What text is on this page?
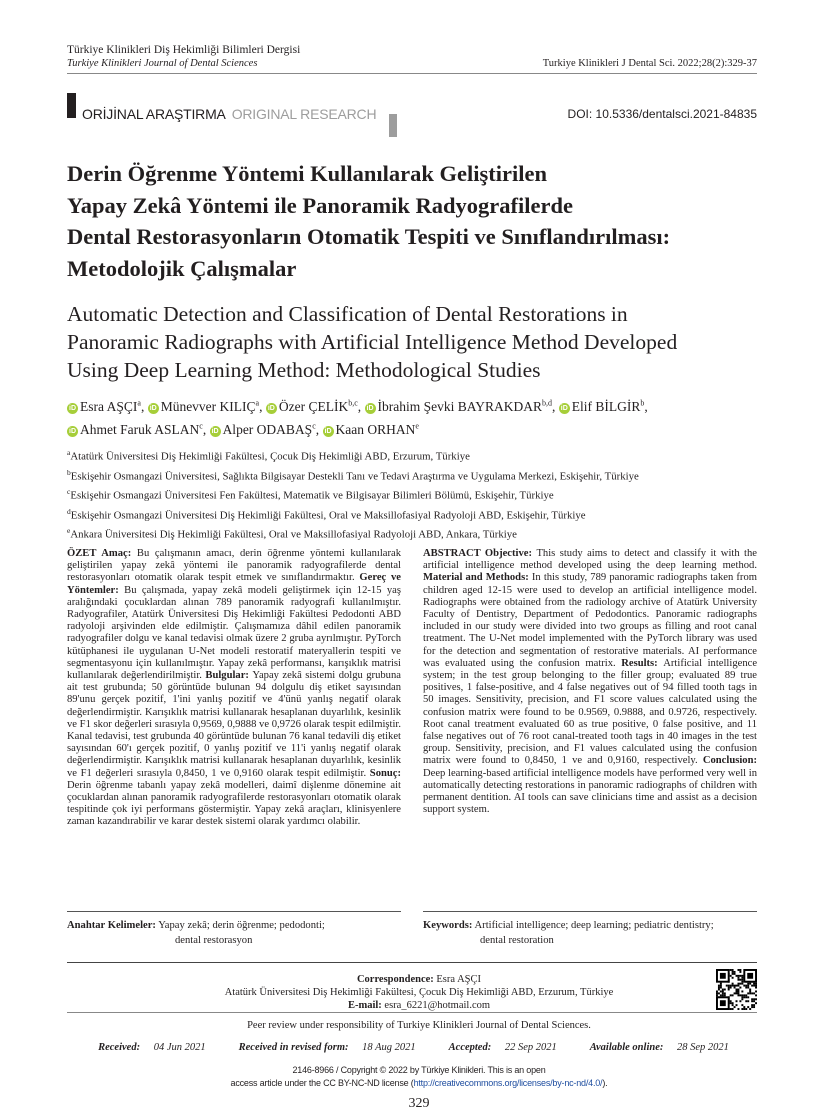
Türkiye Klinikleri Diş Hekimliği Bilimleri Dergisi
Turkiye Klinikleri Journal of Dental Sciences	Turkiye Klinikleri J Dental Sci. 2022;28(2):329-37
ORİJİNAL ARAŞTIRMA ORIGINAL RESEARCH	DOI: 10.5336/dentalsci.2021-84835
Derin Öğrenme Yöntemi Kullanılarak Geliştirilen
Yapay Zekâ Yöntemi ile Panoramik Radyografilerde
Dental Restorasyonların Otomatik Tespiti ve Sınıflandırılması:
Metodolojik Çalışmalar
Automatic Detection and Classification of Dental Restorations in
Panoramic Radiographs with Artificial Intelligence Method Developed
Using Deep Learning Method: Methodological Studies
iD Esra AŞÇI$^a$, iD Münevver KILIÇ$^a$, iD Özer ÇELİK$^{b,c}$, iD İbrahim Şevki BAYRAKDAR$^{b,d}$, iD Elif BİLGİR$^b$,
iD Ahmet Faruk ASLAN$^c$, iD Alper ODABAŞ$^c$, iD Kaan ORHAN$^e$
$^a$Atatürk Üniversitesi Diş Hekimliği Fakültesi, Çocuk Diş Hekimliği ABD, Erzurum, Türkiye
$^b$Eskişehir Osmangazi Üniversitesi, Sağlıkta Bilgisayar Destekli Tanı ve Tedavi Araştırma ve Uygulama Merkezi, Eskişehir, Türkiye
$^c$Eskişehir Osmangazi Üniversitesi Fen Fakültesi, Matematik ve Bilgisayar Bilimleri Bölümü, Eskişehir, Türkiye
$^d$Eskişehir Osmangazi Üniversitesi Diş Hekimliği Fakültesi, Oral ve Maksillofasiyal Radyoloji ABD, Eskişehir, Türkiye
$^e$Ankara Üniversitesi Diş Hekimliği Fakültesi, Oral ve Maksillofasiyal Radyoloji ABD, Ankara, Türkiye
ÖZET Amaç: Bu çalışmanın amacı, derin öğrenme yöntemi kullanılarak geliştirilen yapay zekâ yöntemi ile panoramik radyografilerde dental restorasyonları otomatik olarak tespit etmek ve sınıflandırmaktır. Gereç ve Yöntemler: Bu çalışmada, yapay zekâ modeli geliştirmek için 12-15 yaş aralığındaki çocuklardan alınan 789 panoramik radyografi kullanılmıştır. Radyografiler, Atatürk Üniversitesi Diş Hekimliği Fakültesi Pedodonti ABD radyoloji arşivinden elde edilmiştir. Çalışmamıza dâhil edilen panoramik radyografiler dolgu ve kanal tedavisi olmak üzere 2 gruba ayrılmıştır. PyTorch kütüphanesi ile uygulanan U-Net modeli restoratif materyallerin tespiti ve segmentasyonu için kullanılmıştır. Yapay zekâ performansı, karışıklık matrisi kullanılarak değerlendirilmiştir. Bulgular: Yapay zekâ sistemi dolgu grubuna ait test grubunda; 50 görüntüde bulunan 94 dolgulu diş etiket sayısından 89'unu gerçek pozitif, 1'ini yanlış pozitif ve 4'ünü yanlış negatif olarak değerlendirmiştir. Karışıklık matrisi kullanarak hesaplanan duyarlılık, kesinlik ve F1 skor değerleri sırasıyla 0,9569, 0,9888 ve 0,9726 olarak tespit edilmiştir. Kanal tedavisi, test grubunda 40 görüntüde bulunan 76 kanal tedavili diş etiket sayısından 60'ı gerçek pozitif, 0 yanlış pozitif ve 11'i yanlış negatif olarak değerlendirmiştir. Karışıklık matrisi kullanarak hesaplanan duyarlılık, kesinlik ve F1 değerleri sırasıyla 0,8450, 1 ve 0,9160 olarak tespit edilmiştir. Sonuç: Derin öğrenme tabanlı yapay zekâ modelleri, daimî dişlenme dönemine ait çocuklardan alınan panoramik radyografilerde restorasyonları otomatik olarak tespitinde çok iyi performans göstermiştir. Yapay zekâ araçları, klinisyenlere zaman kazandırabilir ve karar destek sistemi olarak yardımcı olabilir.
ABSTRACT Objective: This study aims to detect and classify it with the artificial intelligence method developed using the deep learning method. Material and Methods: In this study, 789 panoramic radiographs taken from children aged 12-15 were used to develop an artificial intelligence model. Radiographs were obtained from the radiology archive of Atatürk University Faculty of Dentistry, Department of Pedodontics. Panoramic radiographs included in our study were divided into two groups as filling and root canal treatment. The U-Net model implemented with the PyTorch library was used for the detection and segmentation of restorative materials. AI performance was evaluated using the confusion matrix. Results: Artificial intelligence system; in the test group belonging to the filler group; evaluated 89 true positives, 1 false-positive, and 4 false negatives out of 94 filled tooth tags in 50 images. Sensitivity, precision, and F1 score values calculated using the confusion matrix were found to be 0.9569, 0.9888, and 0.9726, respectively. Root canal treatment evaluated 60 as true positive, 0 false positive, and 11 false negatives out of 76 root canal-treated tooth tags in 40 images in the test group. Sensitivity, precision, and F1 values calculated using the confusion matrix were found to 0,8450, 1 ve and 0,9160, respectively. Conclusion: Deep learning-based artificial intelligence models have performed very well in automatically detecting restorations in panoramic radiographs of children with permanent dentition. AI tools can save clinicians time and assist as a decision support system.
Anahtar Kelimeler: Yapay zekâ; derin öğrenme; pedodonti;
dental restorasyon
Keywords: Artificial intelligence; deep learning; pediatric dentistry;
dental restoration
Correspondence: Esra AŞÇI
Atatürk Üniversitesi Diş Hekimliği Fakültesi, Çocuk Diş Hekimliği ABD, Erzurum, Türkiye
E-mail: esra_6221@hotmail.com
Peer review under responsibility of Turkiye Klinikleri Journal of Dental Sciences.
Received: 04 Jun 2021	Received in revised form: 18 Aug 2021	Accepted: 22 Sep 2021	Available online: 28 Sep 2021
2146-8966 / Copyright © 2022 by Türkiye Klinikleri. This is an open
access article under the CC BY-NC-ND license (http://creativecommons.org/licenses/by-nc-nd/4.0/).
329
